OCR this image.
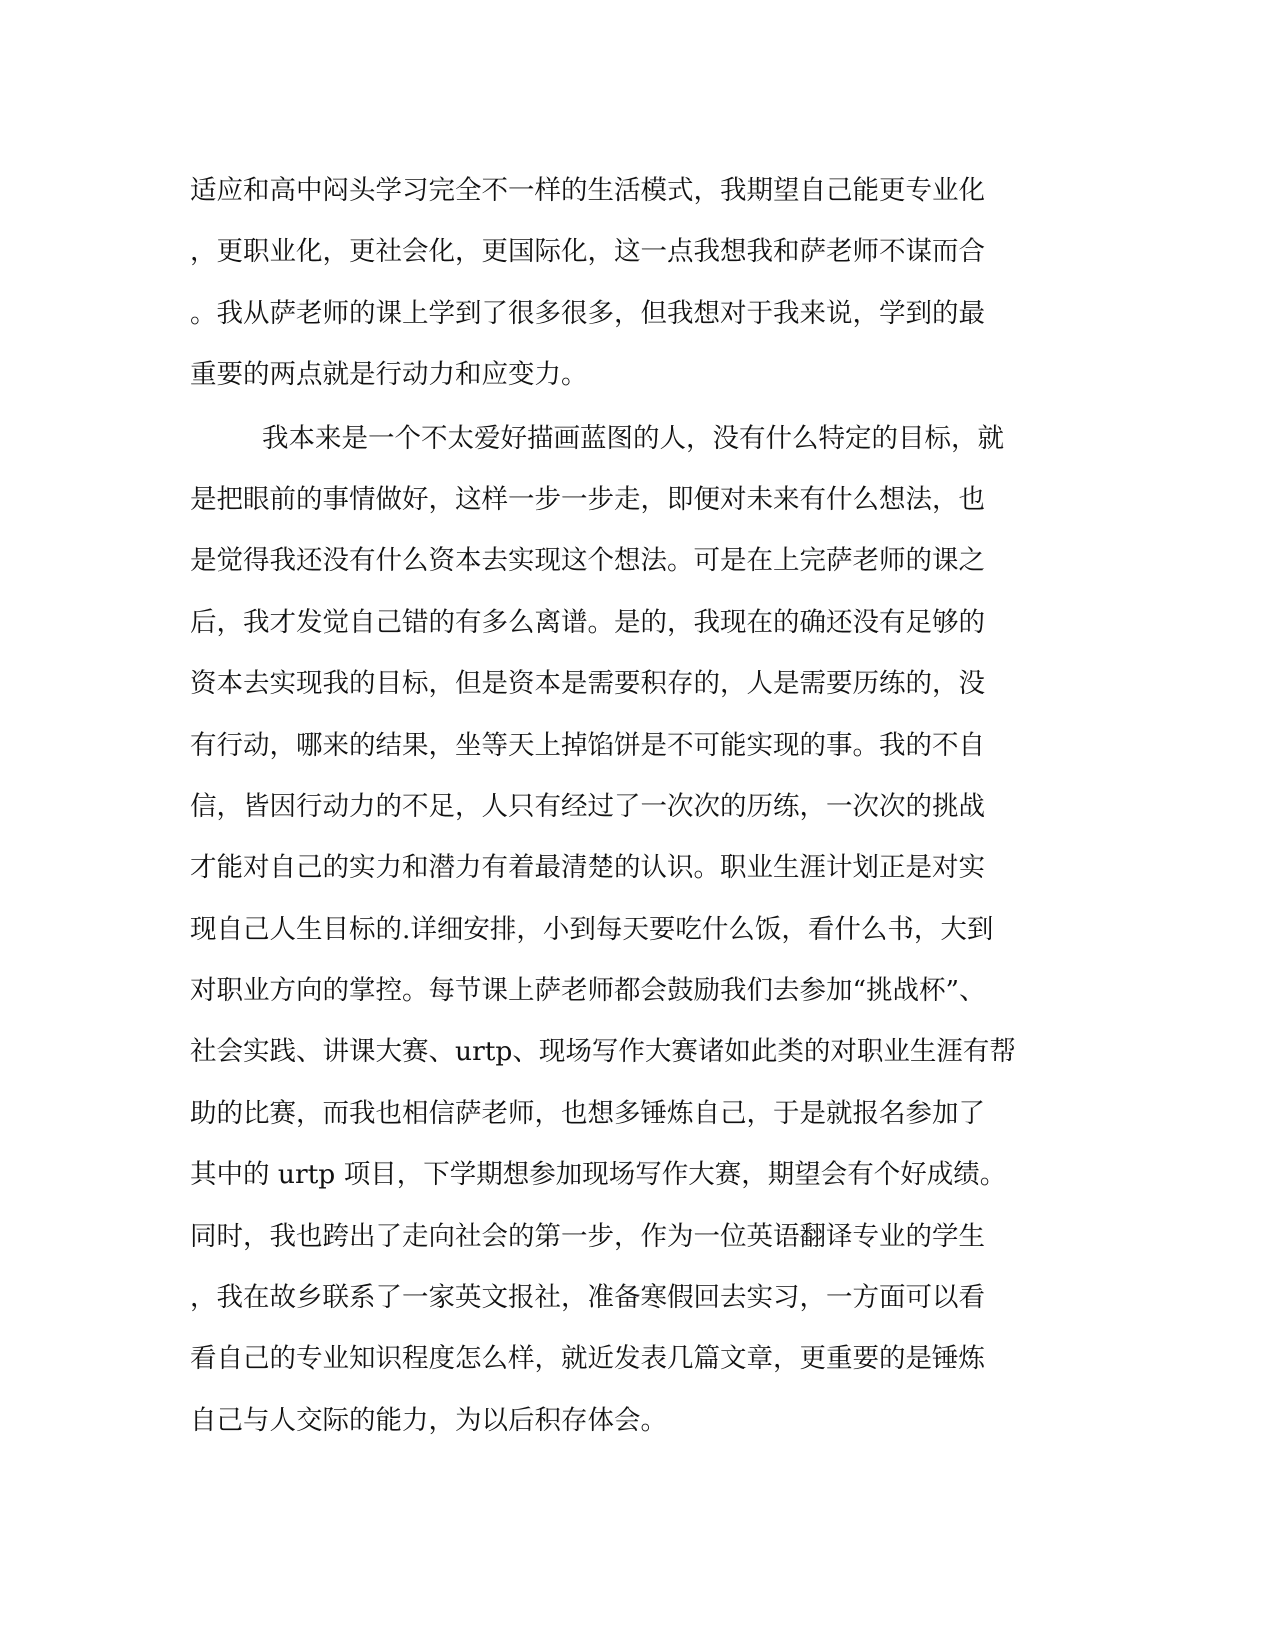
适应和高中闷头学习完全不一样的生活模式，我期望自己能更专业化

，更职业化，更社会化，更国际化，这一点我想我和萨老师不谋而合

。我从萨老师的课上学到了很多很多，但我想对于我来说，学到的最

重要的两点就是行动力和应变力。

我本来是一个不太爱好描画蓝图的人，没有什么特定的目标，就

是把眼前的事情做好，这样一步一步走，即便对未来有什么想法，也

是觉得我还没有什么资本去实现这个想法。可是在上完萨老师的课之

后，我才发觉自己错的有多么离谱。是的，我现在的确还没有足够的

资本去实现我的目标，但是资本是需要积存的，人是需要历练的，没

有行动，哪来的结果，坐等天上掉馅饼是不可能实现的事。我的不自

信，皆因行动力的不足，人只有经过了一次次的历练，一次次的挑战

才能对自己的实力和潜力有着最清楚的认识。职业生涯计划正是对实

现自己人生目标的.详细安排，小到每天要吃什么饭，看什么书，大到

对职业方向的掌控。每节课上萨老师都会鼓励我们去参加“挑战杯”、

社会实践、讲课大赛、urtp、现场写作大赛诸如此类的对职业生涯有帮

助的比赛，而我也相信萨老师，也想多锤炼自己，于是就报名参加了

其中的 urtp 项目，下学期想参加现场写作大赛，期望会有个好成绩。

同时，我也跨出了走向社会的第一步，作为一位英语翻译专业的学生

，我在故乡联系了一家英文报社，准备寒假回去实习，一方面可以看

看自己的专业知识程度怎么样，就近发表几篇文章，更重要的是锤炼

自己与人交际的能力，为以后积存体会。
